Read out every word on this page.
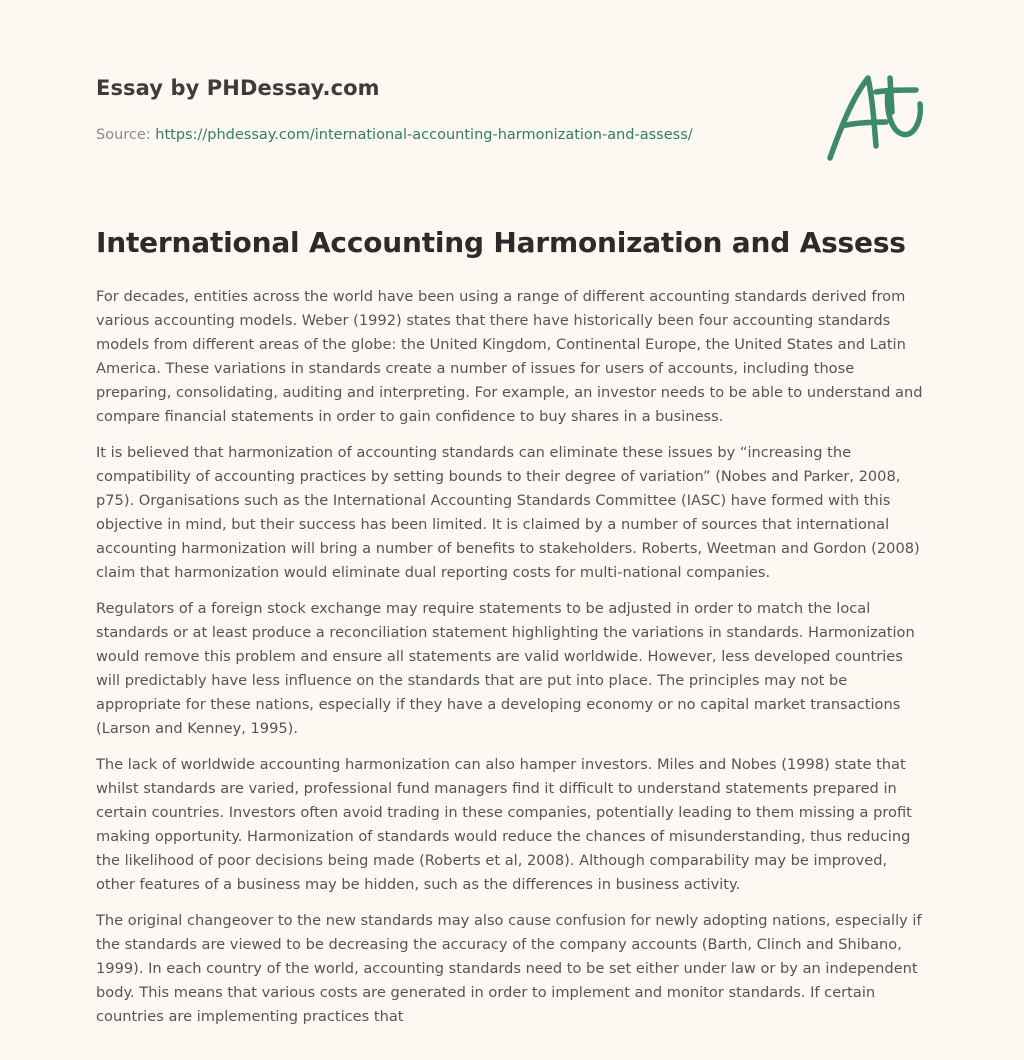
Essay by PHDessay.com
Source: https://phdessay.com/international-accounting-harmonization-and-assess/
International Accounting Harmonization and Assess

For decades, entities across the world have been using a range of different accounting standards derived from various accounting models. Weber (1992) states that there have historically been four accounting standards models from different areas of the globe: the United Kingdom, Continental Europe, the United States and Latin America. These variations in standards create a number of issues for users of accounts, including those preparing, consolidating, auditing and interpreting. For example, an investor needs to be able to understand and compare financial statements in order to gain confidence to buy shares in a business.

It is believed that harmonization of accounting standards can eliminate these issues by “increasing the compatibility of accounting practices by setting bounds to their degree of variation” (Nobes and Parker, 2008, p75). Organisations such as the International Accounting Standards Committee (IASC) have formed with this objective in mind, but their success has been limited. It is claimed by a number of sources that international accounting harmonization will bring a number of benefits to stakeholders. Roberts, Weetman and Gordon (2008) claim that harmonization would eliminate dual reporting costs for multi-national companies.

Regulators of a foreign stock exchange may require statements to be adjusted in order to match the local standards or at least produce a reconciliation statement highlighting the variations in standards. Harmonization would remove this problem and ensure all statements are valid worldwide. However, less developed countries will predictably have less influence on the standards that are put into place. The principles may not be appropriate for these nations, especially if they have a developing economy or no capital market transactions (Larson and Kenney, 1995).

The lack of worldwide accounting harmonization can also hamper investors. Miles and Nobes (1998) state that whilst standards are varied, professional fund managers find it difficult to understand statements prepared in certain countries. Investors often avoid trading in these companies, potentially leading to them missing a profit making opportunity. Harmonization of standards would reduce the chances of misunderstanding, thus reducing the likelihood of poor decisions being made (Roberts et al, 2008). Although comparability may be improved, other features of a business may be hidden, such as the differences in business activity.

The original changeover to the new standards may also cause confusion for newly adopting nations, especially if the standards are viewed to be decreasing the accuracy of the company accounts (Barth, Clinch and Shibano, 1999). In each country of the world, accounting standards need to be set either under law or by an independent body. This means that various costs are generated in order to implement and monitor standards. If certain countries are implementing practices that
